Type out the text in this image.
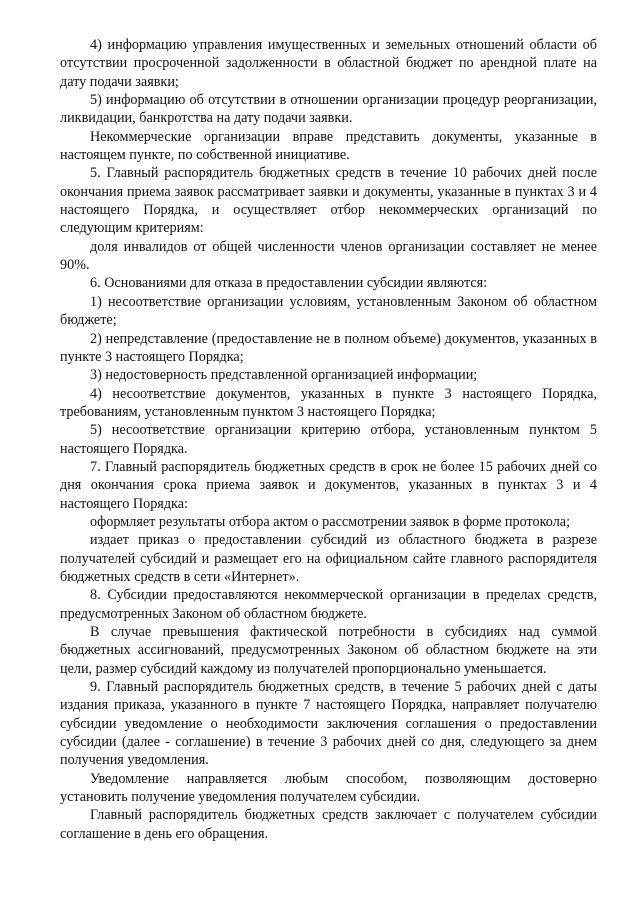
4) информацию управления имущественных и земельных отношений области об отсутствии просроченной задолженности в областной бюджет по арендной плате на дату подачи заявки;

5) информацию об отсутствии в отношении организации процедур реорганизации, ликвидации, банкротства на дату подачи заявки.

Некоммерческие организации вправе представить документы, указанные в настоящем пункте, по собственной инициативе.

5. Главный распорядитель бюджетных средств в течение 10 рабочих дней после окончания приема заявок рассматривает заявки и документы, указанные в пунктах 3 и 4 настоящего Порядка, и осуществляет отбор некоммерческих организаций по следующим критериям:

доля инвалидов от общей численности членов организации составляет не менее 90%.

6. Основаниями для отказа в предоставлении субсидии являются:

1) несоответствие организации условиям, установленным Законом об областном бюджете;

2) непредставление (предоставление не в полном объеме) документов, указанных в пункте 3 настоящего Порядка;

3) недостоверность представленной организацией информации;

4) несоответствие документов, указанных в пункте 3 настоящего Порядка, требованиям, установленным пунктом 3 настоящего Порядка;

5) несоответствие организации критерию отбора, установленным пунктом 5 настоящего Порядка.

7. Главный распорядитель бюджетных средств в срок не более 15 рабочих дней со дня окончания срока приема заявок и документов, указанных в пунктах 3 и 4 настоящего Порядка:

оформляет результаты отбора актом о рассмотрении заявок в форме протокола;

издает приказ о предоставлении субсидий из областного бюджета в разрезе получателей субсидий и размещает его на официальном сайте главного распорядителя бюджетных средств в сети «Интернет».

8. Субсидии предоставляются некоммерческой организации в пределах средств, предусмотренных Законом об областном бюджете.

В случае превышения фактической потребности в субсидиях над суммой бюджетных ассигнований, предусмотренных Законом об областном бюджете на эти цели, размер субсидий каждому из получателей пропорционально уменьшается.

9. Главный распорядитель бюджетных средств, в течение 5 рабочих дней с даты издания приказа, указанного в пункте 7 настоящего Порядка, направляет получателю субсидии уведомление о необходимости заключения соглашения о предоставлении субсидии (далее - соглашение) в течение 3 рабочих дней со дня, следующего за днем получения уведомления.

Уведомление направляется любым способом, позволяющим достоверно установить получение уведомления получателем субсидии.

Главный распорядитель бюджетных средств заключает с получателем субсидии соглашение в день его обращения.
